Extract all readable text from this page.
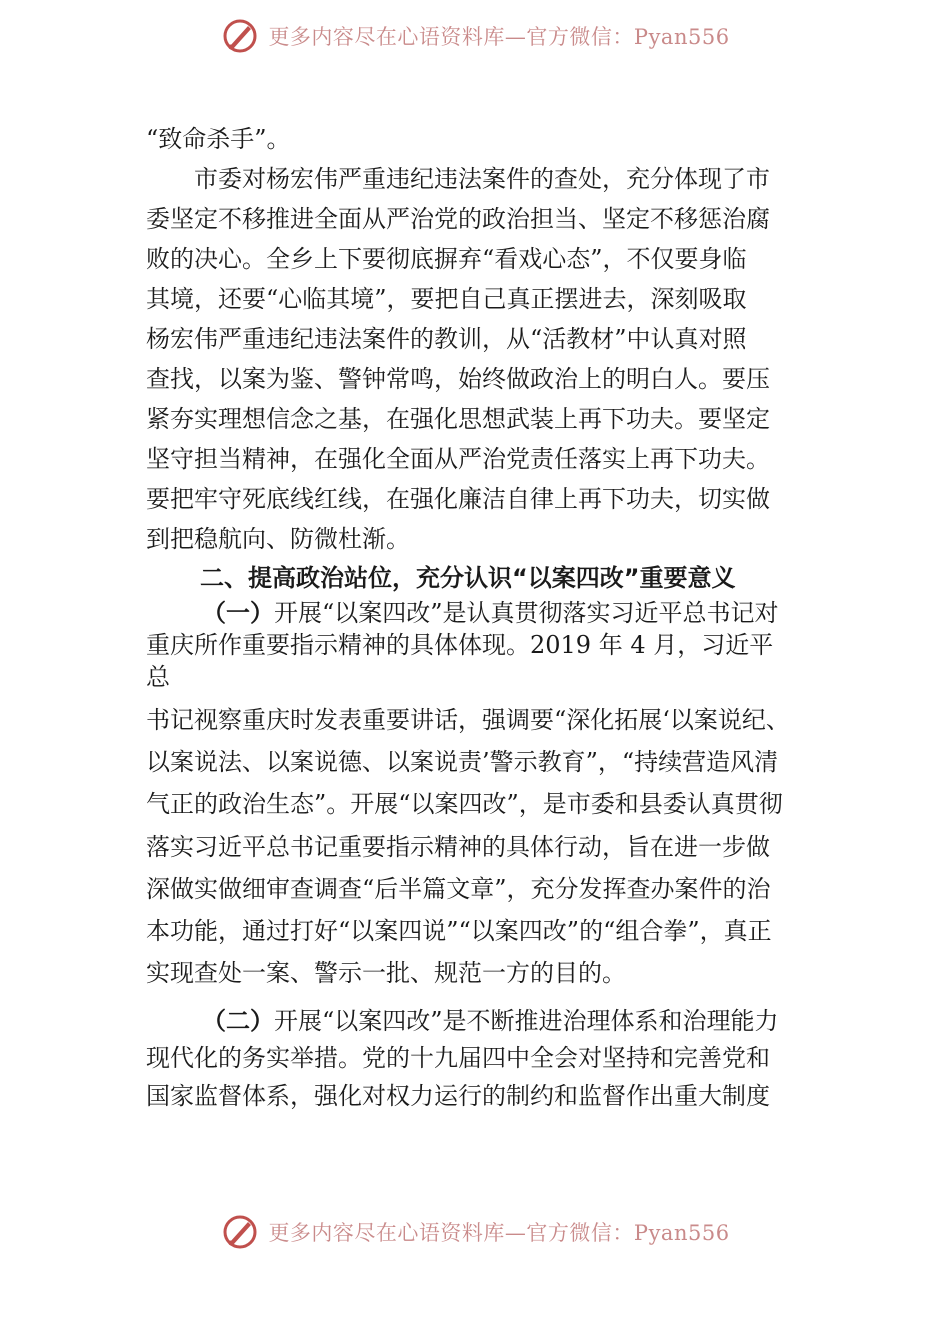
更多内容尽在心语资料库—官方微信：Pyan556
“致命杀手”。
　　市委对杨宏伟严重违纪违法案件的查处，充分体现了市
委坚定不移推进全面从严治党的政治担当、坚定不移惩治腐
败的决心。全乡上下要彻底摒弃“看戏心态”，不仅要身临
其境，还要“心临其境”，要把自己真正摆进去，深刻吸取
杨宏伟严重违纪违法案件的教训，从“活教材”中认真对照
查找，以案为鉴、警钟常鸣，始终做政治上的明白人。要压
紧夯实理想信念之基，在强化思想武装上再下功夫。要坚定
坚守担当精神，在强化全面从严治党责任落实上再下功夫。
要把牢守死底线红线，在强化廉洁自律上再下功夫，切实做
到把稳航向、防微杜渐。
二、提高政治站位，充分认识“以案四改”重要意义
（一）开展“以案四改”是认真贯彻落实习近平总书记对
重庆所作重要指示精神的具体体现。2019 年 4 月，习近平
总
书记视察重庆时发表重要讲话，强调要“深化拓展‘以案说纪、
以案说法、以案说德、以案说责’警示教育”，“持续营造风清
气正的政治生态”。开展“以案四改”，是市委和县委认真贯彻
落实习近平总书记重要指示精神的具体行动，旨在进一步做
深做实做细审查调查“后半篇文章”，充分发挥查办案件的治
本功能，通过打好“以案四说”“以案四改”的“组合拳”，真正
实现查处一案、警示一批、规范一方的目的。
（二）开展“以案四改”是不断推进治理体系和治理能力
现代化的务实举措。党的十九届四中全会对坚持和完善党和
国家监督体系，强化对权力运行的制约和监督作出重大制度
更多内容尽在心语资料库—官方微信：Pyan556
